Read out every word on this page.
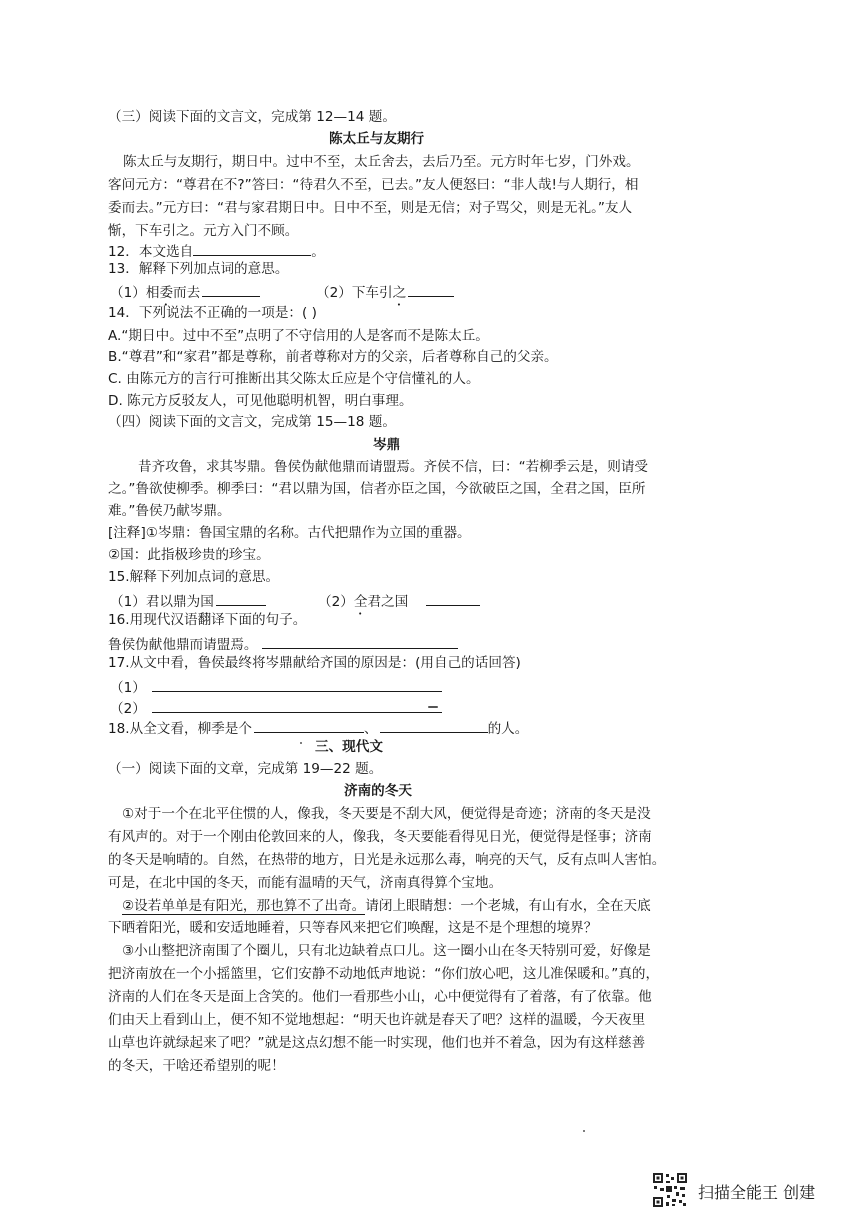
（三）阅读下面的文言文，完成第 12—14 题。
陈太丘与友期行
陈太丘与友期行，期日中。过中不至，太丘舍去，去后乃至。元方时年七岁，门外戏。
客问元方：“尊君在不?”答曰：“待君久不至，已去。”友人便怒曰：“非人哉!与人期行，相
委而去。”元方曰：“君与家君期日中。日中不至，则是无信；对子骂父，则是无礼。”友人
惭，下车引之。元方入门不顾。
12．本文选自	。
13．解释下列加点词的意思。
（1）相委而去	（2）下车引之
14．下列说法不正确的一项是：( )
A.“期日中。过中不至”点明了不守信用的人是客而不是陈太丘。
B.“尊君”和“家君”都是尊称，前者尊称对方的父亲，后者尊称自己的父亲。
C. 由陈元方的言行可推断出其父陈太丘应是个守信懂礼的人。
D. 陈元方反驳友人，可见他聪明机智，明白事理。
（四）阅读下面的文言文，完成第 15—18 题。
岑鼎
昔齐攻鲁，求其岑鼎。鲁侯伪献他鼎而请盟焉。齐侯不信，曰：“若柳季云是，则请受
之。”鲁欲使柳季。柳季曰：“君以鼎为国，信者亦臣之国，今欲破臣之国，全君之国，臣所
难。”鲁侯乃献岑鼎。
[注释]①岑鼎：鲁国宝鼎的名称。古代把鼎作为立国的重器。
②国：此指极珍贵的珍宝。
15.解释下列加点词的意思。
（1）君以鼎为国	（2）全君之国
16.用现代汉语翻译下面的句子。
鲁侯伪献他鼎而请盟焉。
17.从文中看，鲁侯最终将岑鼎献给齐国的原因是：(用自己的话回答)
（1）
（2）
18.从全文看，柳季是个	、	的人。
三、现代文
（一）阅读下面的文章，完成第 19—22 题。
济南的冬天
①对于一个在北平住惯的人，像我，冬天要是不刮大风，便觉得是奇迹；济南的冬天是没
有风声的。对于一个刚由伦敦回来的人，像我，冬天要能看得见日光，便觉得是怪事；济南
的冬天是响晴的。自然，在热带的地方，日光是永远那么毒，响亮的天气，反有点叫人害怕。
可是，在北中国的冬天，而能有温晴的天气，济南真得算个宝地。
②设若单单是有阳光，那也算不了出奇。请闭上眼睛想：一个老城，有山有水，全在天底
下晒着阳光，暖和安适地睡着，只等春风来把它们唤醒，这是不是个理想的境界？
③小山整把济南围了个圈儿，只有北边缺着点口儿。这一圈小山在冬天特别可爱，好像是
把济南放在一个小摇篮里，它们安静不动地低声地说：“你们放心吧，这儿准保暖和。”真的，
济南的人们在冬天是面上含笑的。他们一看那些小山，心中便觉得有了着落，有了依靠。他
们由天上看到山上，便不知不觉地想起：“明天也许就是春天了吧？这样的温暖，今天夜里
山草也许就绿起来了吧？”就是这点幻想不能一时实现，他们也并不着急，因为有这样慈善
的冬天，干啥还希望别的呢！
扫描全能王 创建
